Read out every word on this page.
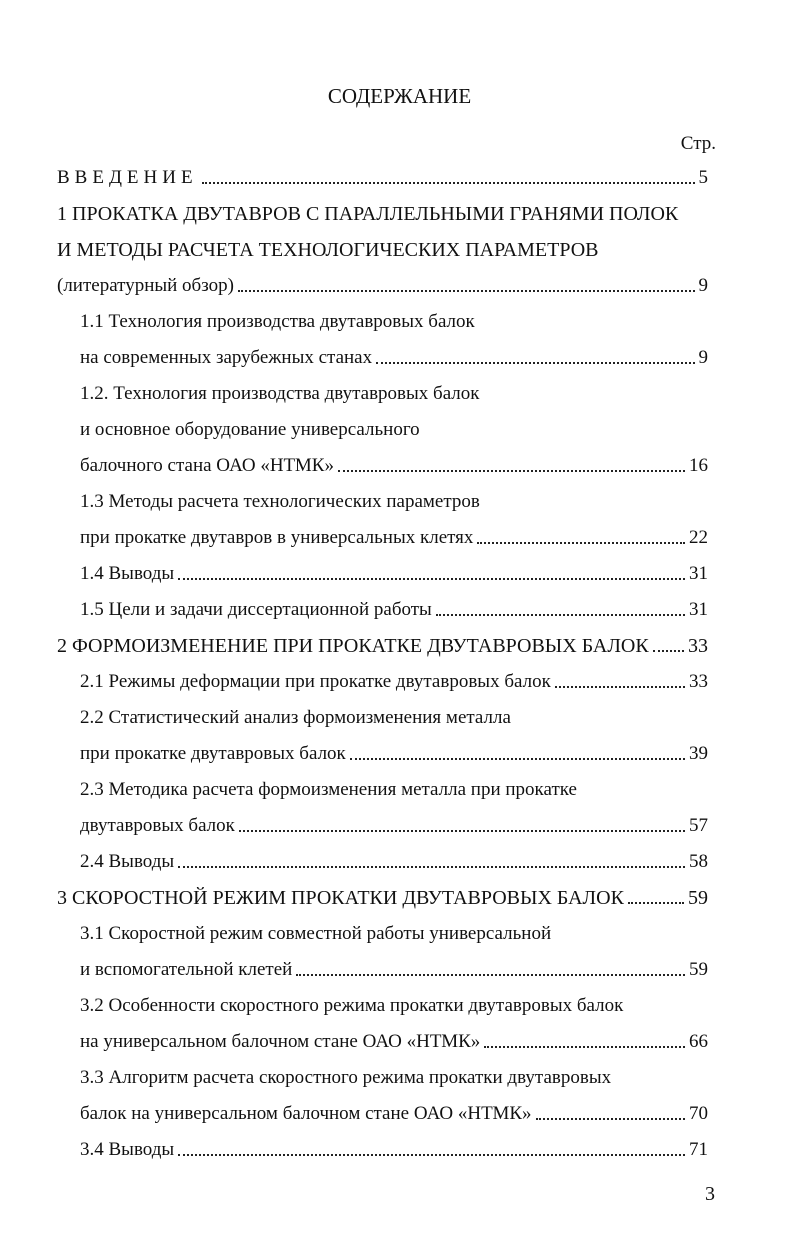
СОДЕРЖАНИЕ
Стр.
ВВЕДЕНИЕ	5
1 ПРОКАТКА ДВУТАВРОВ С ПАРАЛЛЕЛЬНЫМИ ГРАНЯМИ ПОЛОК
И МЕТОДЫ РАСЧЕТА ТЕХНОЛОГИЧЕСКИХ ПАРАМЕТРОВ
(литературный обзор)	9
1.1 Технология производства двутавровых балок
на современных зарубежных станах	9
1.2. Технология производства двутавровых балок
и основное оборудование универсального
балочного стана ОАО «НТМК»	16
1.3 Методы расчета технологических параметров
при прокатке двутавров в универсальных клетях	22
1.4 Выводы	31
1.5 Цели и задачи диссертационной работы	31
2 ФОРМОИЗМЕНЕНИЕ ПРИ ПРОКАТКЕ ДВУТАВРОВЫХ БАЛОК 33
2.1 Режимы деформации при прокатке двутавровых балок	33
2.2 Статистический анализ формоизменения металла
при прокатке двутавровых балок	39
2.3 Методика расчета формоизменения металла при прокатке
двутавровых балок	57
2.4 Выводы	58
3 СКОРОСТНОЙ РЕЖИМ ПРОКАТКИ ДВУТАВРОВЫХ БАЛОК	59
3.1 Скоростной режим совместной работы универсальной
и вспомогательной клетей	59
3.2 Особенности скоростного режима прокатки двутавровых балок
на универсальном балочном стане ОАО «НТМК»	66
3.3 Алгоритм расчета скоростного режима прокатки двутавровых
балок на универсальном балочном стане ОАО «НТМК»	70
3.4 Выводы	71
3
